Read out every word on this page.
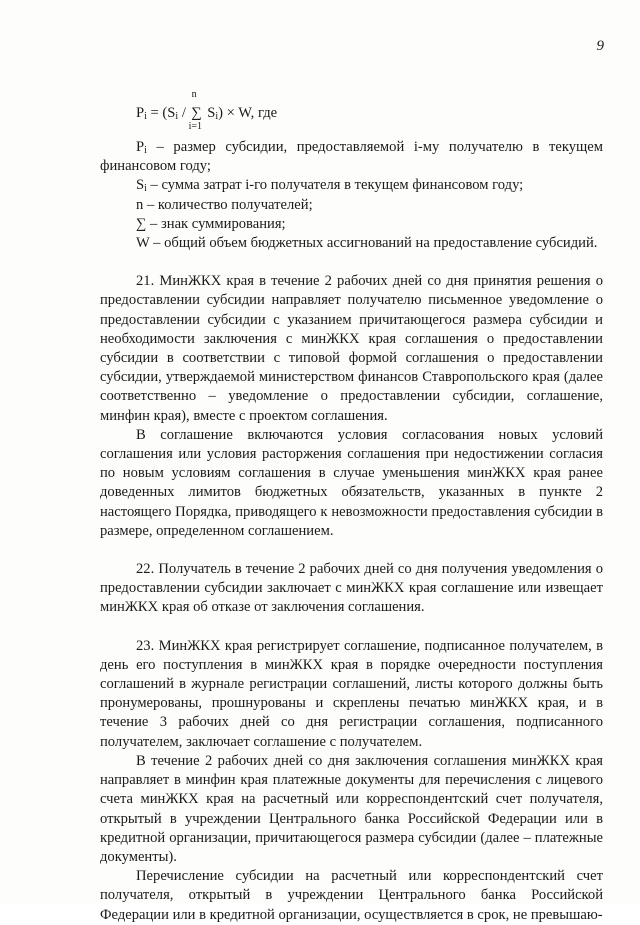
9
$P_i = (S_i$ /
n
∑
i=1
$S_i) \times W$, где

$P_i$ – размер субсидии, предоставляемой i-му получателю в текущем финансовом году;

$S_i$ – сумма затрат i-го получателя в текущем финансовом году;

n – количество получателей;

∑ – знак суммирования;

W – общий объем бюджетных ассигнований на предоставление субсидий.

21. МинЖКХ края в течение 2 рабочих дней со дня принятия решения о предоставлении субсидии направляет получателю письменное уведомление о предоставлении субсидии с указанием причитающегося размера субсидии и необходимости заключения с минЖКХ края соглашения о предоставлении субсидии в соответствии с типовой формой соглашения о предоставлении субсидии, утверждаемой министерством финансов Ставропольского края (далее соответственно – уведомление о предоставлении субсидии, соглашение, минфин края), вместе с проектом соглашения.

В соглашение включаются условия согласования новых условий соглашения или условия расторжения соглашения при недостижении согласия по новым условиям соглашения в случае уменьшения минЖКХ края ранее доведенных лимитов бюджетных обязательств, указанных в пункте 2 настоящего Порядка, приводящего к невозможности предоставления субсидии в размере, определенном соглашением.

22. Получатель в течение 2 рабочих дней со дня получения уведомления о предоставлении субсидии заключает с минЖКХ края соглашение или извещает минЖКХ края об отказе от заключения соглашения.

23. МинЖКХ края регистрирует соглашение, подписанное получателем, в день его поступления в минЖКХ края в порядке очередности поступления соглашений в журнале регистрации соглашений, листы которого должны быть пронумерованы, прошнурованы и скреплены печатью минЖКХ края, и в течение 3 рабочих дней со дня регистрации соглашения, подписанного получателем, заключает соглашение с получателем.

В течение 2 рабочих дней со дня заключения соглашения минЖКХ края направляет в минфин края платежные документы для перечисления с лицевого счета минЖКХ края на расчетный или корреспондентский счет получателя, открытый в учреждении Центрального банка Российской Федерации или в кредитной организации, причитающегося размера субсидии (далее – платежные документы).

Перечисление субсидии на расчетный или корреспондентский счет получателя, открытый в учреждении Центрального банка Российской Федерации или в кредитной организации, осуществляется в срок, не превышаю-
